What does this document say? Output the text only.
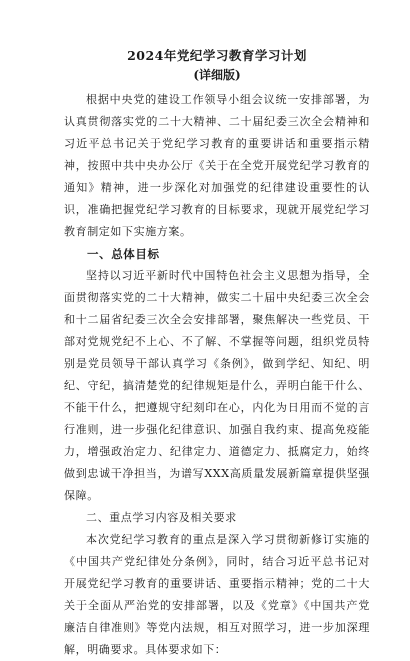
2024年党纪学习教育学习计划

(详细版)

根据中央党的建设工作领导小组会议统一安排部署，为认真贯彻落实党的二十大精神、二十届纪委三次全会精神和习近平总书记关于党纪学习教育的重要讲话和重要指示精神，按照中共中央办公厅《关于在全党开展党纪学习教育的通知》精神，进一步深化对加强党的纪律建设重要性的认识，准确把握党纪学习教育的目标要求，现就开展党纪学习教育制定如下实施方案。

一、总体目标

坚持以习近平新时代中国特色社会主义思想为指导，全面贯彻落实党的二十大精神，做实二十届中央纪委三次全会和十二届省纪委三次全会安排部署，聚焦解决一些党员、干部对党规党纪不上心、不了解、不掌握等问题，组织党员特别是党员领导干部认真学习《条例》，做到学纪、知纪、明纪、守纪，搞清楚党的纪律规矩是什么，弄明白能干什么、不能干什么，把遵规守纪刻印在心，内化为日用而不觉的言行准则，进一步强化纪律意识、加强自我约束、提高免疫能力，增强政治定力、纪律定力、道德定力、抵腐定力，始终做到忠诚干净担当，为谱写XXX高质量发展新篇章提供坚强保障。

二、重点学习内容及相关要求

本次党纪学习教育的重点是深入学习贯彻新修订实施的《中国共产党纪律处分条例》，同时，结合习近平总书记对开展党纪学习教育的重要讲话、重要指示精神；党的二十大关于全面从严治党的安排部署，以及《党章》《中国共产党廉洁自律准则》等党内法规，相互对照学习，进一步加深理解，明确要求。具体要求如下：
